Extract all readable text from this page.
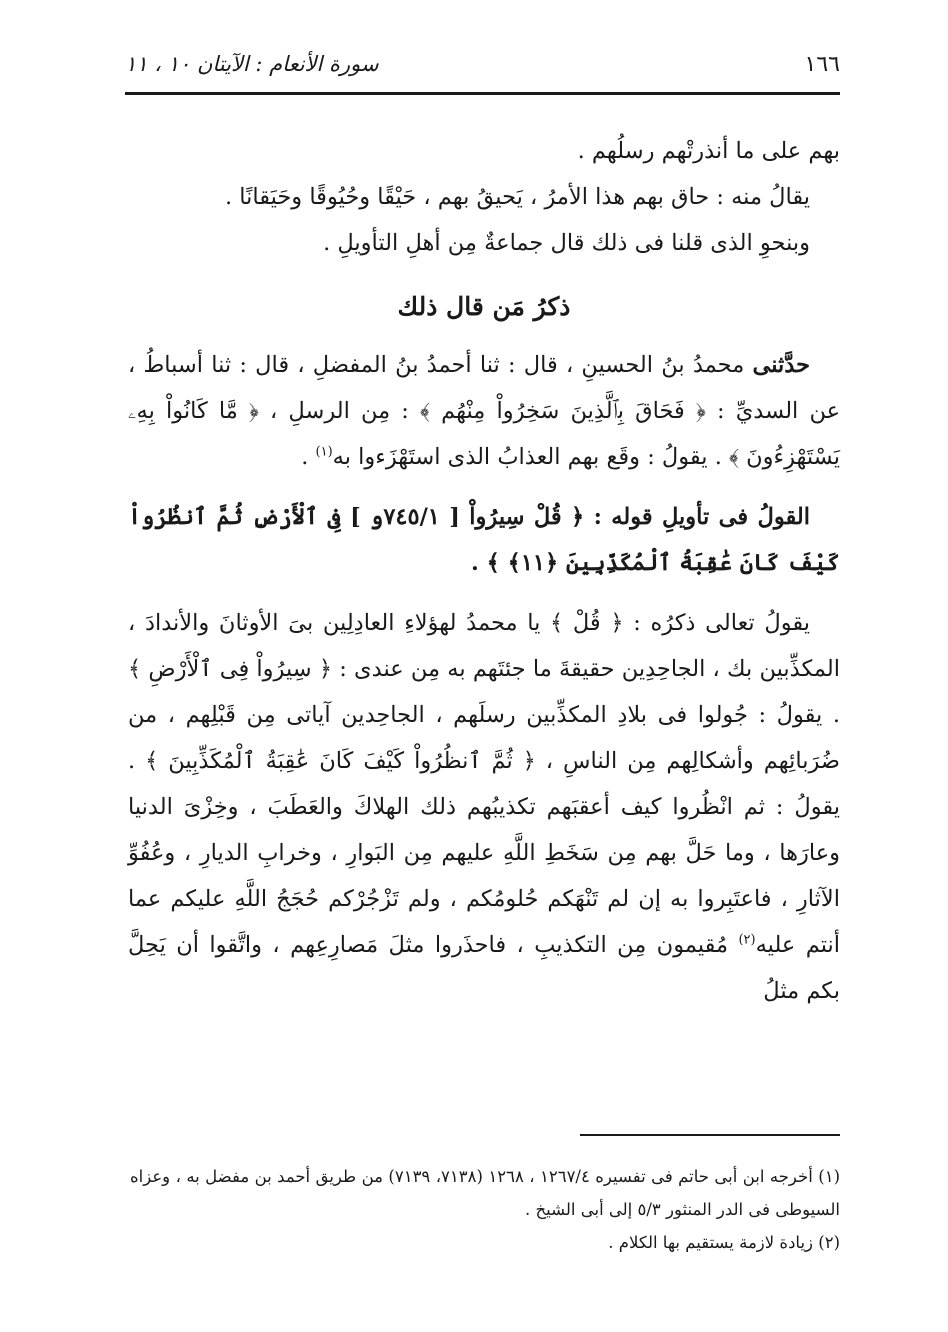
١٦٦
سورة الأنعام : الآيتان ١٠ ، ١١

بهم على ما أنذرتْهم رسلُهم .

يقالُ منه : حاق بهم هذا الأمرُ ، يَحيقُ بهم ، حَيْقًا وحُيُوقًا وحَيَقانًا .

وبنحوِ الذى قلنا فى ذلك قال جماعةٌ مِن أهلِ التأويلِ .

ذكرُ مَن قال ذلك

حدَّثنى محمدُ بنُ الحسينِ ، قال : ثنا أحمدُ بنُ المفضلِ ، قال : ثنا أسباطُ ، عن السديِّ : ﴿ فَحَاقَ بِٱلَّذِينَ سَخِرُواْ مِنْهُم ﴾ : مِن الرسلِ ، ﴿ مَّا كَانُواْ بِهِۦ يَسْتَهْزِءُونَ ﴾ . يقولُ : وقَع بهم العذابُ الذى استَهْزَءوا به$^{(١)}$ .

القولُ فى تأويلِ قوله : ﴿ قُلْ سِيرُواْ [ ٧٤٥/١و ] فِى ٱلْأَرْضِ ثُمَّ ٱنظُرُواْ كَيْفَ كَانَ عَٰقِبَةُ ٱلْمُكَذِّبِينَ ﴿١١﴾ ﴾ .

يقولُ تعالى ذكرُه : ﴿ قُلْ ﴾ يا محمدُ لهؤلاءِ العادِلِين بىَ الأوثانَ والأندادَ ، المكذِّبين بك ، الجاحِدِين حقيقةَ ما جئتَهم به مِن عندى : ﴿ سِيرُواْ فِى ٱلْأَرْضِ ﴾ . يقولُ : جُولوا فى بلادِ المكذِّبين رسلَهم ، الجاحِدين آياتى مِن قَبْلِهم ، من ضُرَبائِهم وأشكالِهم مِن الناسِ ، ﴿ ثُمَّ ٱنظُرُواْ كَيْفَ كَانَ عَٰقِبَةُ ٱلْمُكَذِّبِينَ ﴾ . يقولُ : ثم انْظُروا كيف أعقبَهم تكذيبُهم ذلك الهلاكَ والعَطَبَ ، وخِزْىَ الدنيا وعارَها ، وما حَلَّ بهم مِن سَخَطِ اللَّهِ عليهم مِن البَوارِ ، وخرابِ الديارِ ، وعُفُوِّ الآثارِ ، فاعتَبِروا به إن لم تَنْهَكم حُلومُكم ، ولم تَزْجُرْكم حُجَجُ اللَّهِ عليكم عما أنتم عليه$^{(٢)}$ مُقيمون مِن التكذيبِ ، فاحذَروا مثلَ مَصارِعِهم ، واتَّقوا أن يَحِلَّ بكم مثلُ

(١) أخرجه ابن أبى حاتم فى تفسيره ١٢٦٧/٤ ، ١٢٦٨ (٧١٣٨، ٧١٣٩) من طريق أحمد بن مفضل به ، وعزاه السيوطى فى الدر المنثور ٥/٣ إلى أبى الشيخ .

(٢) زيادة لازمة يستقيم بها الكلام .
